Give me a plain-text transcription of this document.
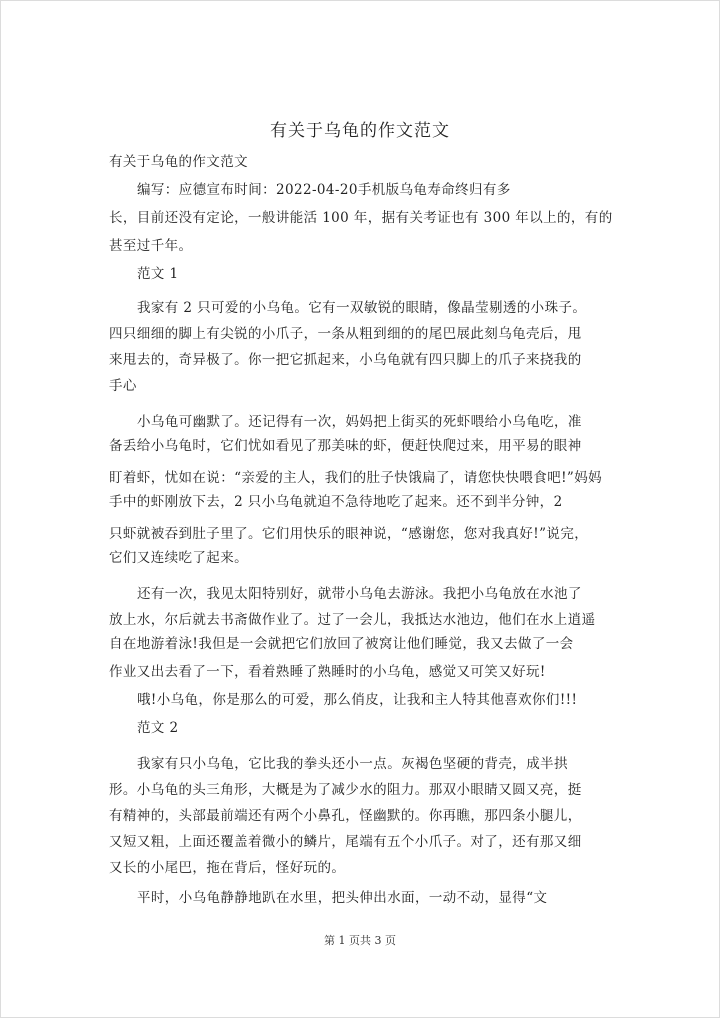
有关于乌龟的作文范文
有关于乌龟的作文范文
编写：应德宣布时间：2022-04-20手机版乌龟寿命终归有多
长，目前还没有定论，一般讲能活 100 年，据有关考证也有 300 年以上的，有的
甚至过千年。
范文 1
我家有 2 只可爱的小乌龟。它有一双敏锐的眼睛，像晶莹剔透的小珠子。
四只细细的脚上有尖锐的小爪子，一条从粗到细的的尾巴展此刻乌龟壳后，甩
来甩去的，奇异极了。你一把它抓起来，小乌龟就有四只脚上的爪子来挠我的
手心
小乌龟可幽默了。还记得有一次，妈妈把上街买的死虾喂给小乌龟吃，准
备丢给小乌龟时，它们忧如看见了那美味的虾，便赶快爬过来，用平易的眼神
盯着虾，忧如在说：“亲爱的主人，我们的肚子快饿扁了，请您快快喂食吧!”妈妈
手中的虾刚放下去，2 只小乌龟就迫不急待地吃了起来。还不到半分钟，2
只虾就被吞到肚子里了。它们用快乐的眼神说，“感谢您，您对我真好!”说完，
它们又连续吃了起来。
还有一次，我见太阳特别好，就带小乌龟去游泳。我把小乌龟放在水池了
放上水，尔后就去书斋做作业了。过了一会儿，我抵达水池边，他们在水上逍遥
自在地游着泳!我但是一会就把它们放回了被窝让他们睡觉，我又去做了一会
作业又出去看了一下，看着熟睡了熟睡时的小乌龟，感觉又可笑又好玩!
哦!小乌龟，你是那么的可爱，那么俏皮，让我和主人特其他喜欢你们!!!
范文 2
我家有只小乌龟，它比我的拳头还小一点。灰褐色坚硬的背壳，成半拱
形。小乌龟的头三角形，大概是为了减少水的阻力。那双小眼睛又圆又亮，挺
有精神的，头部最前端还有两个小鼻孔，怪幽默的。你再瞧，那四条小腿儿，
又短又粗，上面还覆盖着微小的鳞片，尾端有五个小爪子。对了，还有那又细
又长的小尾巴，拖在背后，怪好玩的。
平时，小乌龟静静地趴在水里，把头伸出水面，一动不动，显得“文
第 1 页共 3 页
